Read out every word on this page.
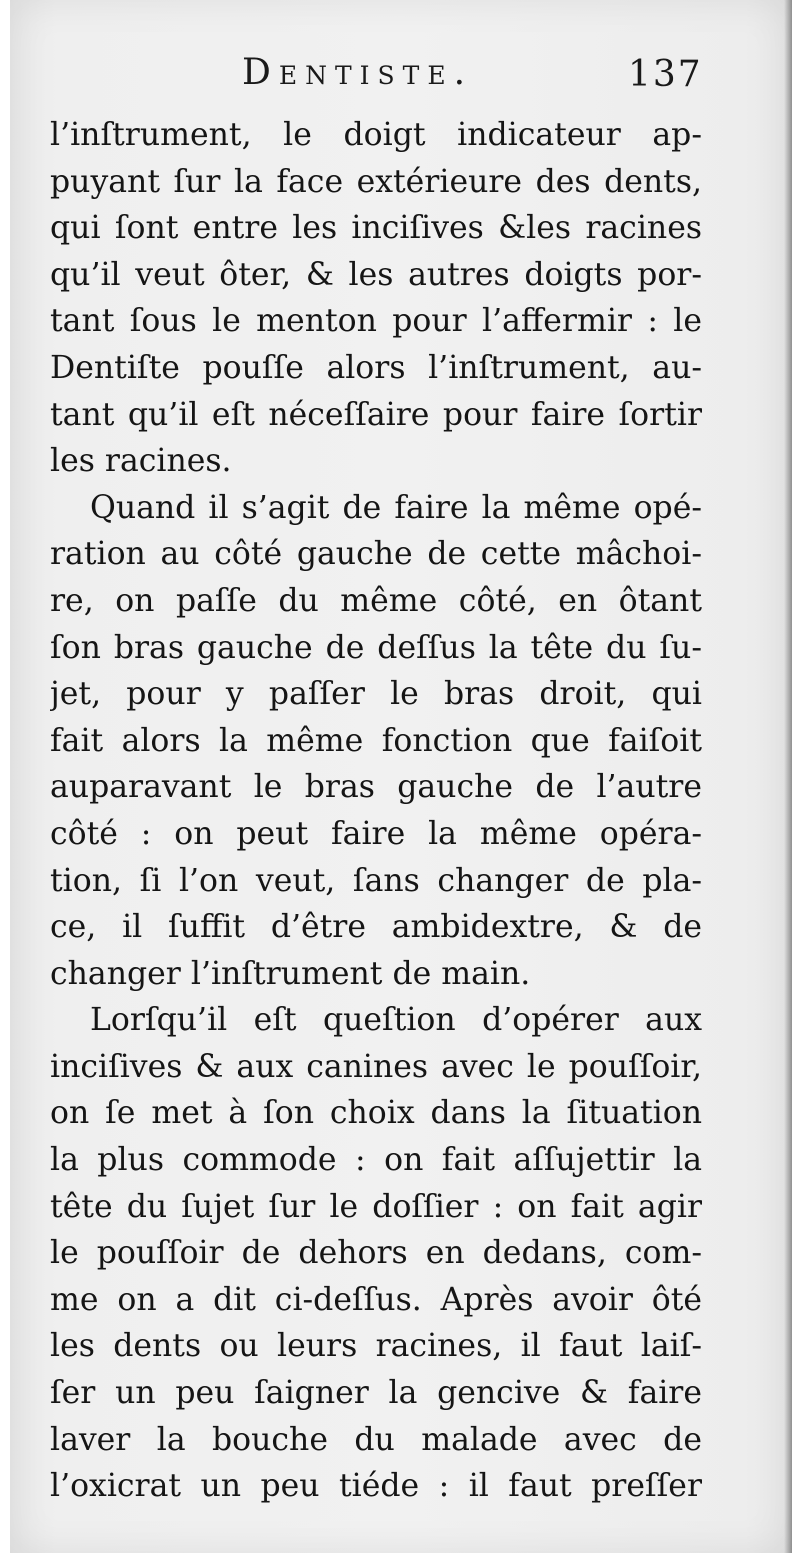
Dentiste.	137
l’inſtrument, le doigt indicateur ap-
puyant ſur la face extérieure des dents,
qui ſont entre les inciſives &les racines
qu’il veut ôter, & les autres doigts por-
tant ſous le menton pour l’affermir : le
Dentiſte pouſſe alors l’inſtrument, au-
tant qu’il eſt néceſſaire pour faire ſortir
les racines.
Quand il s’agit de faire la même opé-
ration au côté gauche de cette mâchoi-
re, on paſſe du même côté, en ôtant
ſon bras gauche de deſſus la tête du ſu-
jet, pour y paſſer le bras droit, qui
fait alors la même fonction que faiſoit
auparavant le bras gauche de l’autre
côté : on peut faire la même opéra-
tion, ſi l’on veut, ſans changer de pla-
ce, il ſuffit d’être ambidextre, & de
changer l’inſtrument de main.
Lorſqu’il eſt queſtion d’opérer aux
inciſives & aux canines avec le pouſſoir,
on ſe met à ſon choix dans la ſituation
la plus commode : on fait aſſujettir la
tête du ſujet ſur le doſſier : on fait agir
le pouſſoir de dehors en dedans, com-
me on a dit ci-deſſus. Après avoir ôté
les dents ou leurs racines, il faut laiſ-
ſer un peu ſaigner la gencive & faire
laver la bouche du malade avec de
l’oxicrat un peu tiéde : il faut preſſer
